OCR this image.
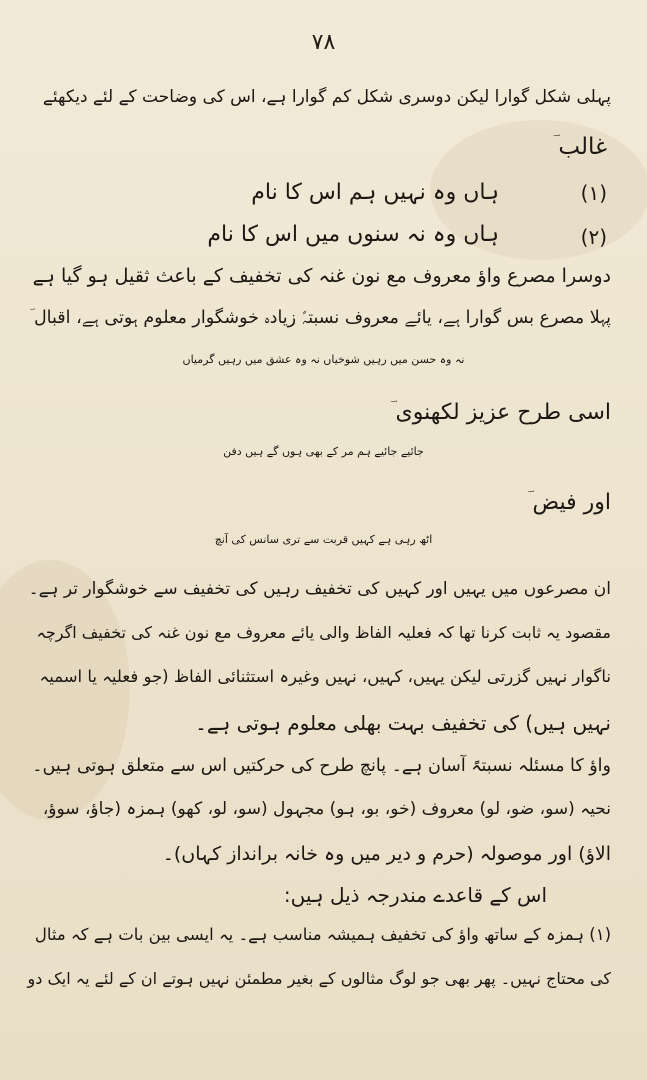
۷۸
پہلی شکل گوارا لیکن دوسری شکل کم گوارا ہے، اس کی وضاحت کے لئے دیکھئے
غالب ؔ
ہاں وہ نہیں ہم اس کا نام	(۱)
ہاں وہ نہ سنوں میں اس کا نام	(۲)
دوسرا مصرع واؤ معروف مع نون غنہ کی تخفیف کے باعث ثقیل ہو گیا ہے
پہلا مصرع بس گوارا ہے، یائے معروف نسبتہً زیادہ خوشگوار معلوم ہوتی ہے، اقبال ؔ
نہ وہ حسن میں رہیں شوخیاں نہ وہ عشق میں رہیں گرمیاں
اسی طرح عزیز لکھنوی ؔ
جائیے جائیے ہم مر کے بھی ہوں گے ہیں دفن
اور فیض ؔ
اٹھ رہی ہے کہیں قربت سے تری سانس کی آنچ
ان مصرعوں میں یہیں اور کہیں کی تخفیف رہیں کی تخفیف سے خوشگوار تر ہے۔
مقصود یہ ثابت کرنا تھا کہ فعلیہ الفاظ والی یائے معروف مع نون غنہ کی تخفیف اگرچہ
ناگوار نہیں گزرتی لیکن یہیں، کہیں، نہیں وغیرہ استثنائی الفاظ (جو فعلیہ یا اسمیہ
نہیں ہیں) کی تخفیف بہت بھلی معلوم ہوتی ہے۔
واؤ کا مسئلہ نسبتہً آسان ہے۔ پانچ طرح کی حرکتیں اس سے متعلق ہوتی ہیں۔
نحیہ (سو، ضو، لو) معروف (خو، بو، ہو) مجہول (سو، لو، کھو) ہمزہ (جاؤ، سوؤ،
الاؤ) اور موصولہ (حرم و دیر میں وہ خانہ برانداز کہاں)۔
اس کے قاعدے مندرجہ ذیل ہیں:
(۱) ہمزہ کے ساتھ واؤ کی تخفیف ہمیشہ مناسب ہے۔ یہ ایسی بین بات ہے کہ مثال
کی محتاج نہیں۔ پھر بھی جو لوگ مثالوں کے بغیر مطمئن نہیں ہوتے ان کے لئے یہ ایک دو
